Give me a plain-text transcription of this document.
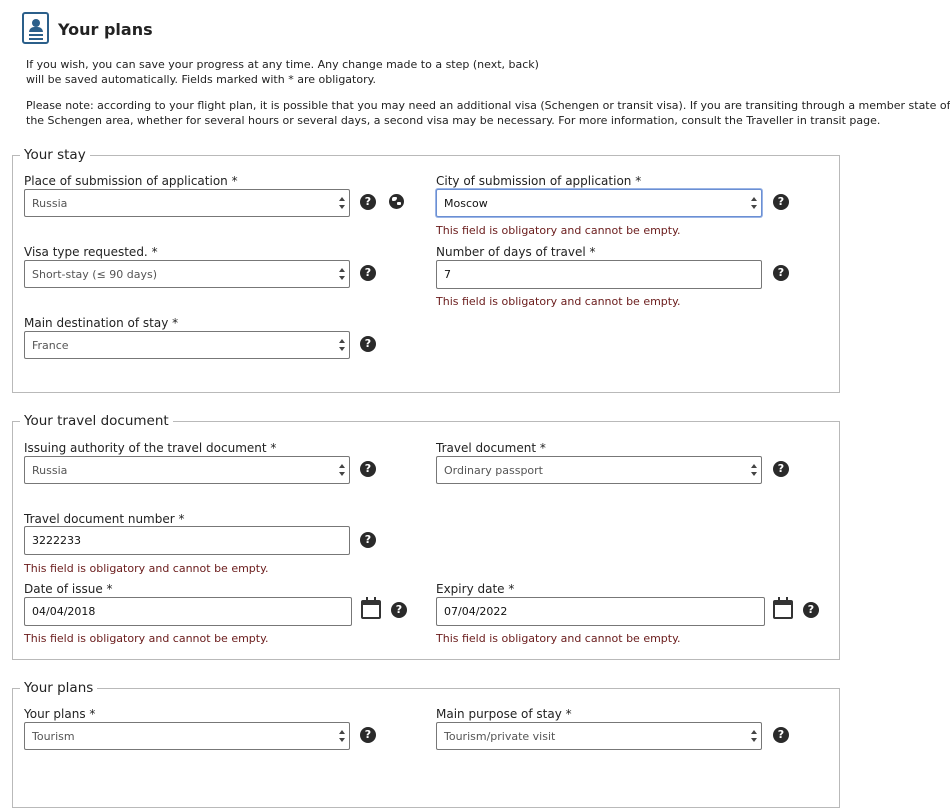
Your plans
If you wish, you can save your progress at any time. Any change made to a step (next, back)
will be saved automatically. Fields marked with * are obligatory.
Please note: according to your flight plan, it is possible that you may need an additional visa (Schengen or transit visa). If you are transiting through a member state of
the Schengen area, whether for several hours or several days, a second visa may be necessary. For more information, consult the Traveller in transit page.
Your stay
Place of submission of application *
Russia	?
City of submission of application *
Moscow	?
This field is obligatory and cannot be empty.
Visa type requested. *
Short-stay (≤ 90 days)	?
Number of days of travel *
7	?
This field is obligatory and cannot be empty.
Main destination of stay *
France	?
Your travel document
Issuing authority of the travel document *
Russia	?
Travel document *
Ordinary passport	?
Travel document number *
3222233	?
This field is obligatory and cannot be empty.
Date of issue *
04/04/2018	?
This field is obligatory and cannot be empty.
Expiry date *
07/04/2022	?
This field is obligatory and cannot be empty.
Your plans
Your plans *
Tourism	?
Main purpose of stay *
Tourism/private visit	?
